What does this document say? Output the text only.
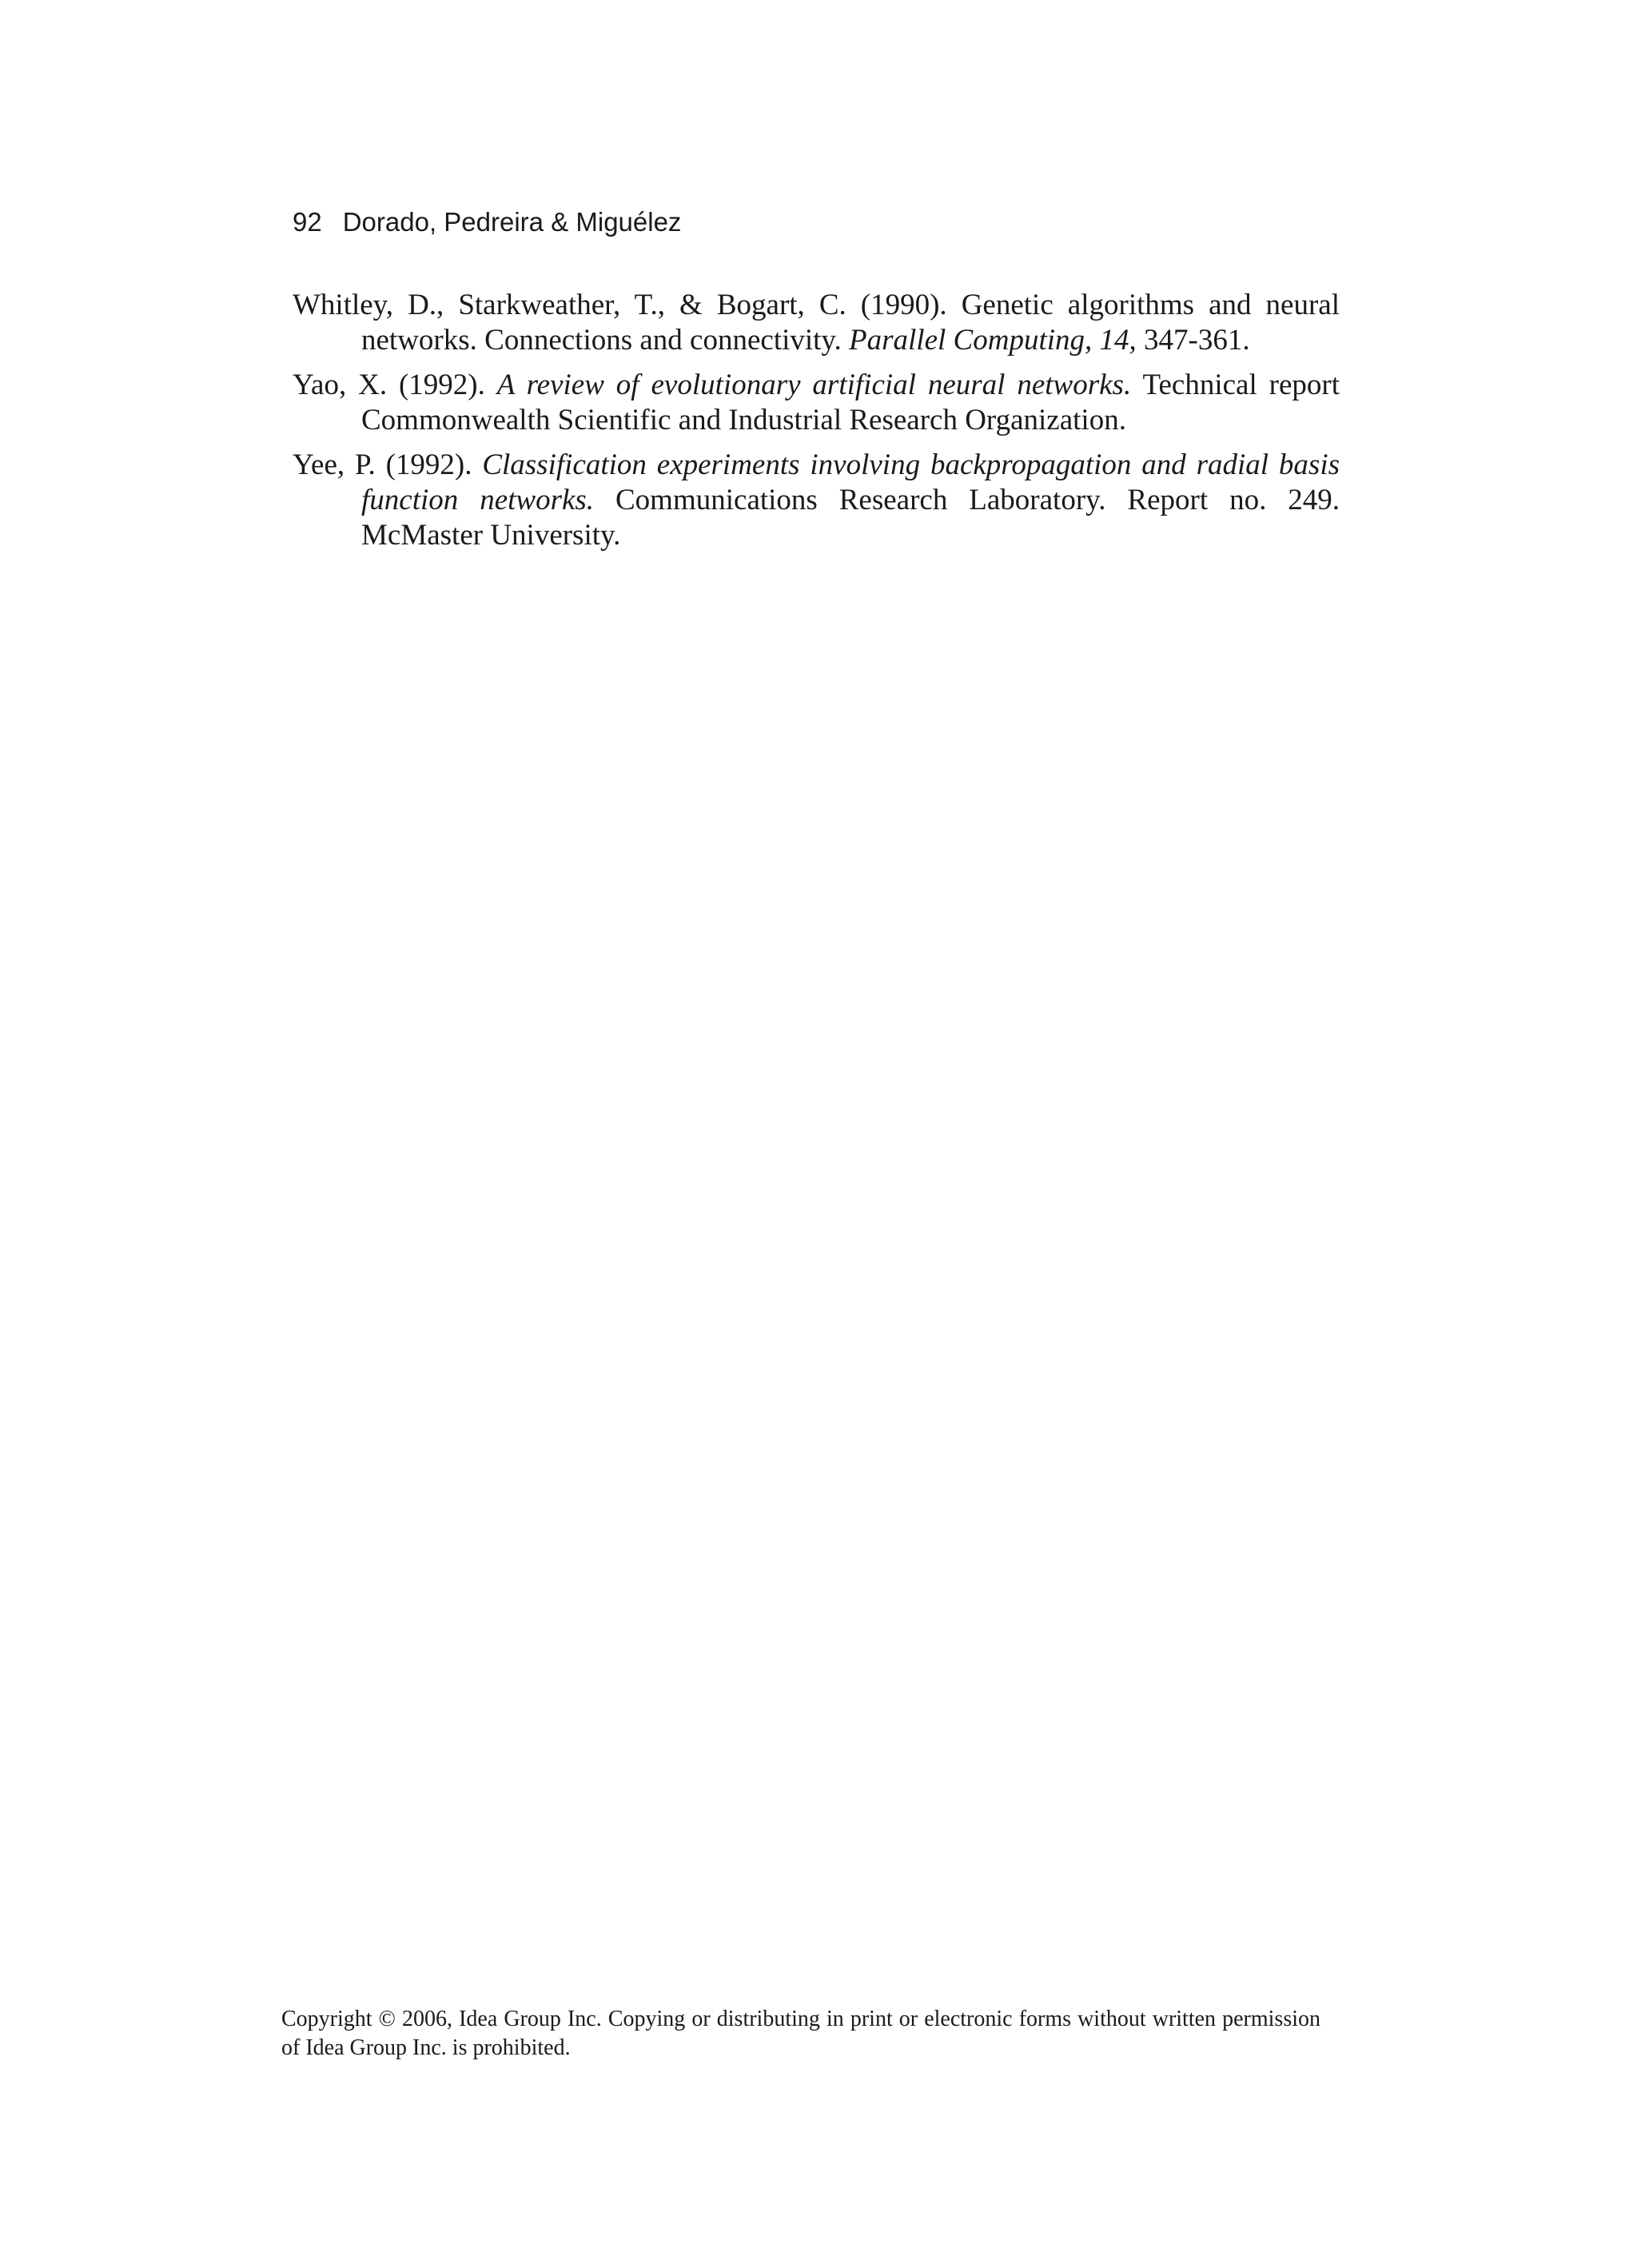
92 Dorado, Pedreira & Miguélez

Whitley, D., Starkweather, T., & Bogart, C. (1990). Genetic algorithms and neural networks. Connections and connectivity. Parallel Computing, 14, 347-361.

Yao, X. (1992). A review of evolutionary artificial neural networks. Technical report Commonwealth Scientific and Industrial Research Organization.

Yee, P. (1992). Classification experiments involving backpropagation and radial basis function networks. Communications Research Laboratory. Report no. 249. McMaster University.

Copyright © 2006, Idea Group Inc. Copying or distributing in print or electronic forms without written permission of Idea Group Inc. is prohibited.
